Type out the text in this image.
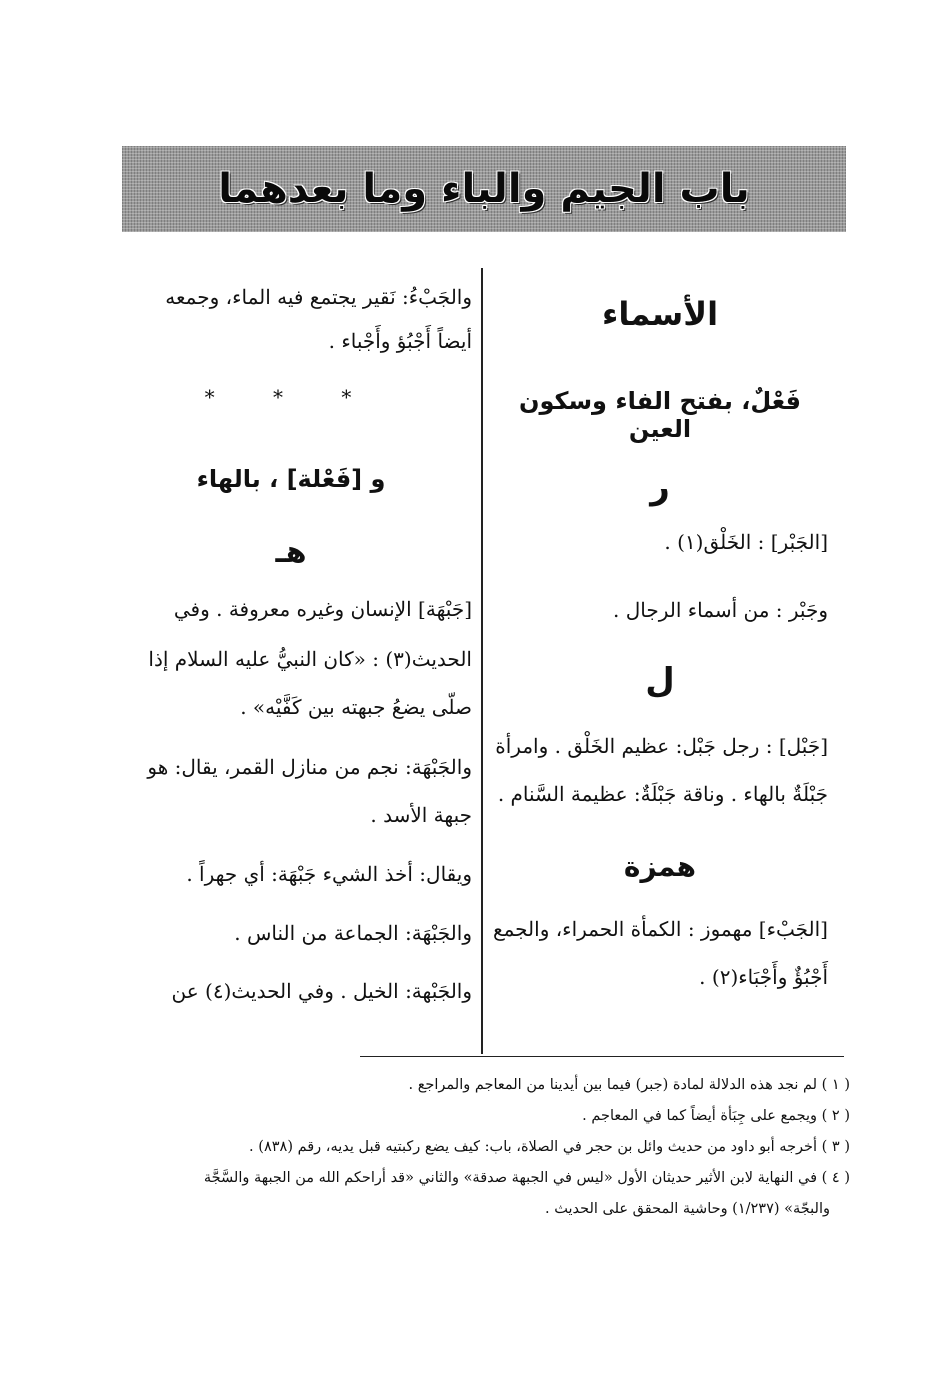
باب الجيم والباء وما بعدهما
الأسماء
فَعْلٌ، بفتح الفاء وسكون العين
ر
[الجَبْر] : الخَلْق(١) .
وجَبْر : من أسماء الرجال .
ل
[جَبْل] : رجل جَبْل: عظيم الخَلْق . وامرأة
جَبْلَةٌ بالهاء . وناقة جَبْلَةٌ: عظيمة السَّنام .
همزة
[الجَبْء] مهموز : الكمأة الحمراء، والجمع
أَجْبُؤٌ وأَجْبَاء(٢) .
والجَبْءُ: نَقير يجتمع فيه الماء، وجمعه
أيضاً أَجْبُؤ وأَجْباء .
* * *
و [فَعْلة] ، بالهاء
هـ
[جَبْهَة] الإنسان وغيره معروفة . وفي
الحديث(٣) : «كان النبيُّ عليه السلام إذا
صلّى يضعُ جبهته بين كَفَّيْه» .
والجَبْهَة: نجم من منازل القمر، يقال: هو
جبهة الأسد .
ويقال: أخذ الشيء جَبْهَة: أي جهراً .
والجَبْهَة: الجماعة من الناس .
والجَبْهة: الخيل . وفي الحديث(٤) عن
( ١ ) لم نجد هذه الدلالة لمادة (جبر) فيما بين أيدينا من المعاجم والمراجع .
( ٢ ) ويجمع على جِبَأة أيضاً كما في المعاجم .
( ٣ ) أخرجه أبو داود من حديث وائل بن حجر في الصلاة، باب: كيف يضع ركبتيه قبل يديه، رقم (٨٣٨) .
( ٤ ) في النهاية لابن الأثير حديثان الأول «ليس في الجبهة صدقة» والثاني «قد أراحكم الله من الجبهة والسَّجَّة
والبجّة» (١/٢٣٧) وحاشية المحقق على الحديث .
